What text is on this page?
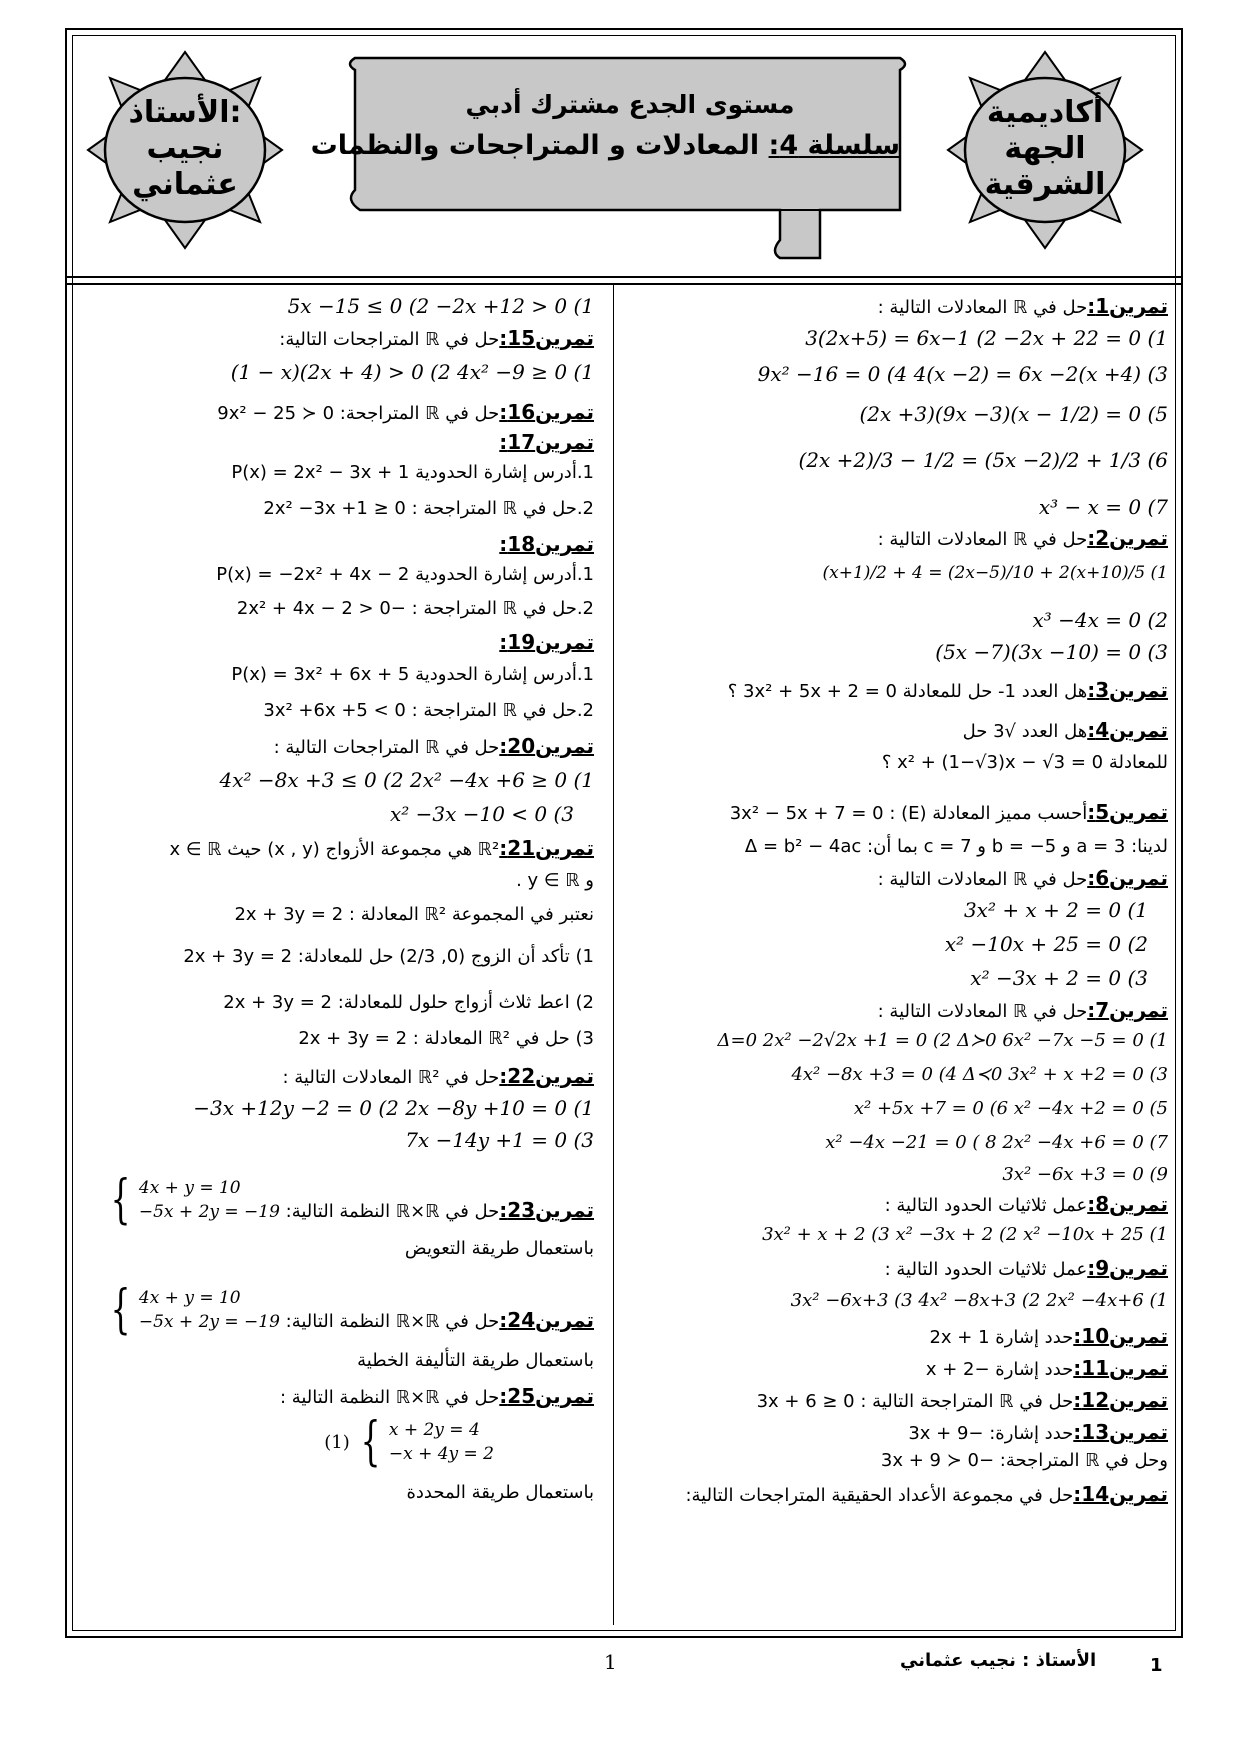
الأستاذ:
نجيب
عثماني
أكاديمية
الجهة
الشرقية
مستوى الجدع مشترك أدبي
سلسلة 4: المعادلات و المتراجحات والنظمات
تمرين1:حل في ℝ المعادلات التالية :
3(2x+5) = 6x−1 (2 −2x + 22 = 0 (1
9x² −16 = 0 (4 4(x −2) = 6x −2(x +4) (3
(2x +3)(9x −3)(x − 1/2) = 0 (5
(2x +2)/3 − 1/2 = (5x −2)/2 + 1/3 (6
x³ − x = 0 (7
تمرين2:حل في ℝ المعادلات التالية :
(x+1)/2 + 4 = (2x−5)/10 + 2(x+10)/5 (1
x³ −4x = 0 (2
(5x −7)(3x −10) = 0 (3
تمرين3:هل العدد 1- حل للمعادلة 3x² + 5x + 2 = 0 ؟
تمرين4:هل العدد √3 حل
للمعادلة x² + (1−√3)x − √3 = 0 ؟
تمرين5:أحسب مميز المعادلة (E) : 3x² − 5x + 7 = 0
لدينا: a = 3 و b = −5 و c = 7 بما أن: Δ = b² − 4ac
تمرين6:حل في ℝ المعادلات التالية :
3x² + x + 2 = 0 (1
x² −10x + 25 = 0 (2
x² −3x + 2 = 0 (3
تمرين7:حل في ℝ المعادلات التالية :
Δ=0 2x² −2√2x +1 = 0 (2 Δ≻0 6x² −7x −5 = 0 (1
4x² −8x +3 = 0 (4 Δ≺0 3x² + x +2 = 0 (3
x² +5x +7 = 0 (6 x² −4x +2 = 0 (5
x² −4x −21 = 0 ( 8 2x² −4x +6 = 0 (7
3x² −6x +3 = 0 (9
تمرين8:عمل ثلاثيات الحدود التالية :
3x² + x + 2 (3 x² −3x + 2 (2 x² −10x + 25 (1
تمرين9:عمل ثلاثيات الحدود التالية :
3x² −6x+3 (3 4x² −8x+3 (2 2x² −4x+6 (1
تمرين10:حدد إشارة 2x + 1
تمرين11:حدد إشارة −x + 2
تمرين12:حل في ℝ المتراجحة التالية : 3x + 6 ≥ 0
تمرين13:حدد إشارة: −3x + 9
وحل في ℝ المتراجحة: −3x + 9 ≻ 0
تمرين14:حل في مجموعة الأعداد الحقيقية المتراجحات التالية:
5x −15 ≤ 0 (2 −2x +12 > 0 (1
تمرين15:حل في ℝ المتراجحات التالية:
(1 − x)(2x + 4) > 0 (2 4x² −9 ≥ 0 (1
تمرين16:حل في ℝ المتراجحة: 9x² − 25 ≻ 0
تمرين17:
1.أدرس إشارة الحدودية P(x) = 2x² − 3x + 1
2.حل في ℝ المتراجحة : 2x² −3x +1 ≥ 0
تمرين18:
1.أدرس إشارة الحدودية P(x) = −2x² + 4x − 2
2.حل في ℝ المتراجحة : −2x² + 4x − 2 > 0
تمرين19:
1.أدرس إشارة الحدودية P(x) = 3x² + 6x + 5
2.حل في ℝ المتراجحة : 3x² +6x +5 < 0
تمرين20:حل في ℝ المتراجحات التالية :
4x² −8x +3 ≤ 0 (2 2x² −4x +6 ≥ 0 (1
x² −3x −10 < 0 (3
تمرين21:ℝ² هي مجموعة الأزواج (x , y) حيث x ∈ ℝ
و y ∈ ℝ .
نعتبر في المجموعة ℝ² المعادلة : 2x + 3y = 2
1) تأكد أن الزوج (0, 2/3) حل للمعادلة: 2x + 3y = 2
2) اعط ثلاث أزواج حلول للمعادلة: 2x + 3y = 2
3) حل في ℝ² المعادلة : 2x + 3y = 2
تمرين22:حل في ℝ² المعادلات التالية :
−3x +12y −2 = 0 (2 2x −8y +10 = 0 (1
7x −14y +1 = 0 (3
تمرين23:حل في ℝ×ℝ النظمة التالية:
{ 4x + y = 10
−5x + 2y = −19
باستعمال طريقة التعويض
تمرين24:حل في ℝ×ℝ النظمة التالية:
{ 4x + y = 10
−5x + 2y = −19
باستعمال طريقة التأليفة الخطية
تمرين25:حل في ℝ×ℝ النظمة التالية :
(1) { x + 2y = 4
−x + 4y = 2
باستعمال طريقة المحددة
الأستاذ : نجيب عثماني	1
1
